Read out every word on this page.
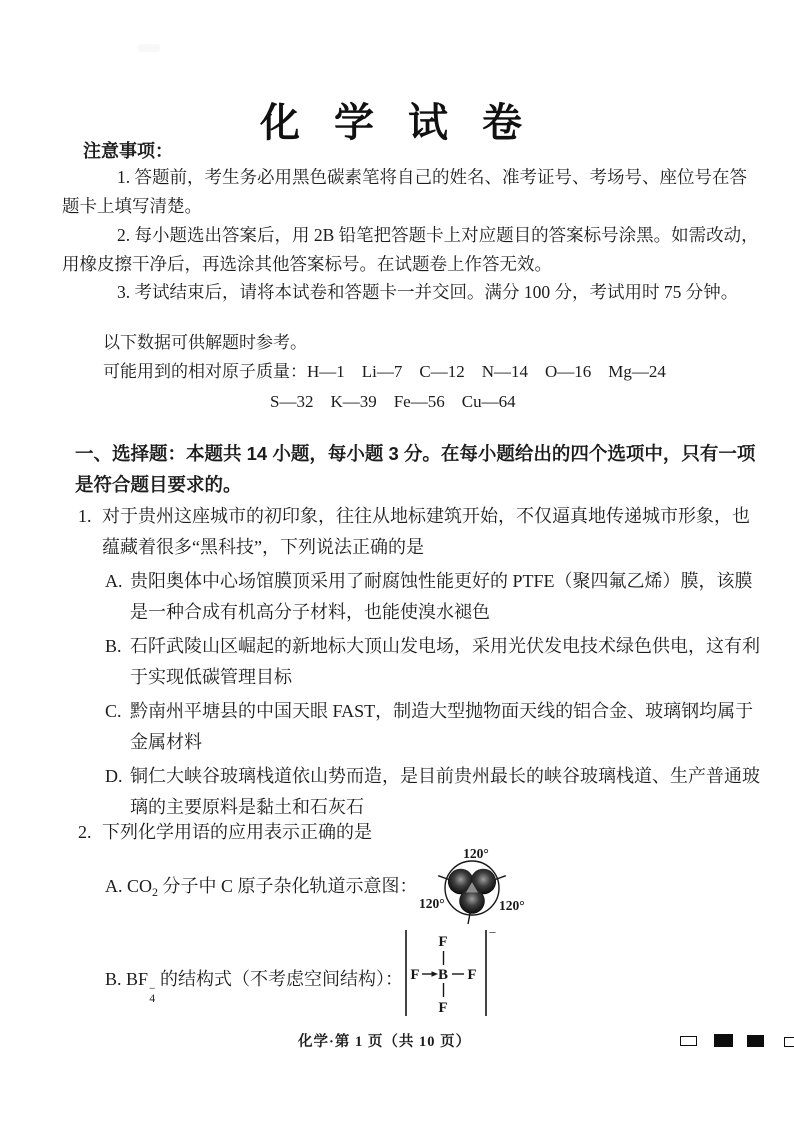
化 学 试 卷
注意事项：

1. 答题前，考生务必用黑色碳素笔将自己的姓名、准考证号、考场号、座位号在答题卡上填写清楚。

2. 每小题选出答案后，用 2B 铅笔把答题卡上对应题目的答案标号涂黑。如需改动，用橡皮擦干净后，再选涂其他答案标号。在试题卷上作答无效。

3. 考试结束后，请将本试卷和答题卡一并交回。满分 100 分，考试用时 75 分钟。

以下数据可供解题时参考。
可能用到的相对原子质量：H—1　Li—7　C—12　N—14　O—16　Mg—24
S—32　K—39　Fe—56　Cu—64

一、选择题：本题共 14 小题，每小题 3 分。在每小题给出的四个选项中，只有一项是符合题目要求的。

1. 对于贵州这座城市的初印象，往往从地标建筑开始，不仅逼真地传递城市形象，也蕴藏着很多“黑科技”，下列说法正确的是

A. 贵阳奥体中心场馆膜顶采用了耐腐蚀性能更好的 PTFE（聚四氟乙烯）膜，该膜是一种合成有机高分子材料，也能使溴水褪色

B. 石阡武陵山区崛起的新地标大顶山发电场，采用光伏发电技术绿色供电，这有利于实现低碳管理目标

C. 黔南州平塘县的中国天眼 FAST，制造大型抛物面天线的铝合金、玻璃钢均属于金属材料

D. 铜仁大峡谷玻璃栈道依山势而造，是目前贵州最长的峡谷玻璃栈道、生产普通玻璃的主要原料是黏土和石灰石

2. 下列化学用语的应用表示正确的是

A. $CO_2$ 分子中 C 原子杂化轨道示意图：
120°
120°	120°
B. BF −
4
的结构式（不考虑空间结构）：
−
F
F B F
F
化学·第 1 页（共 10 页）
